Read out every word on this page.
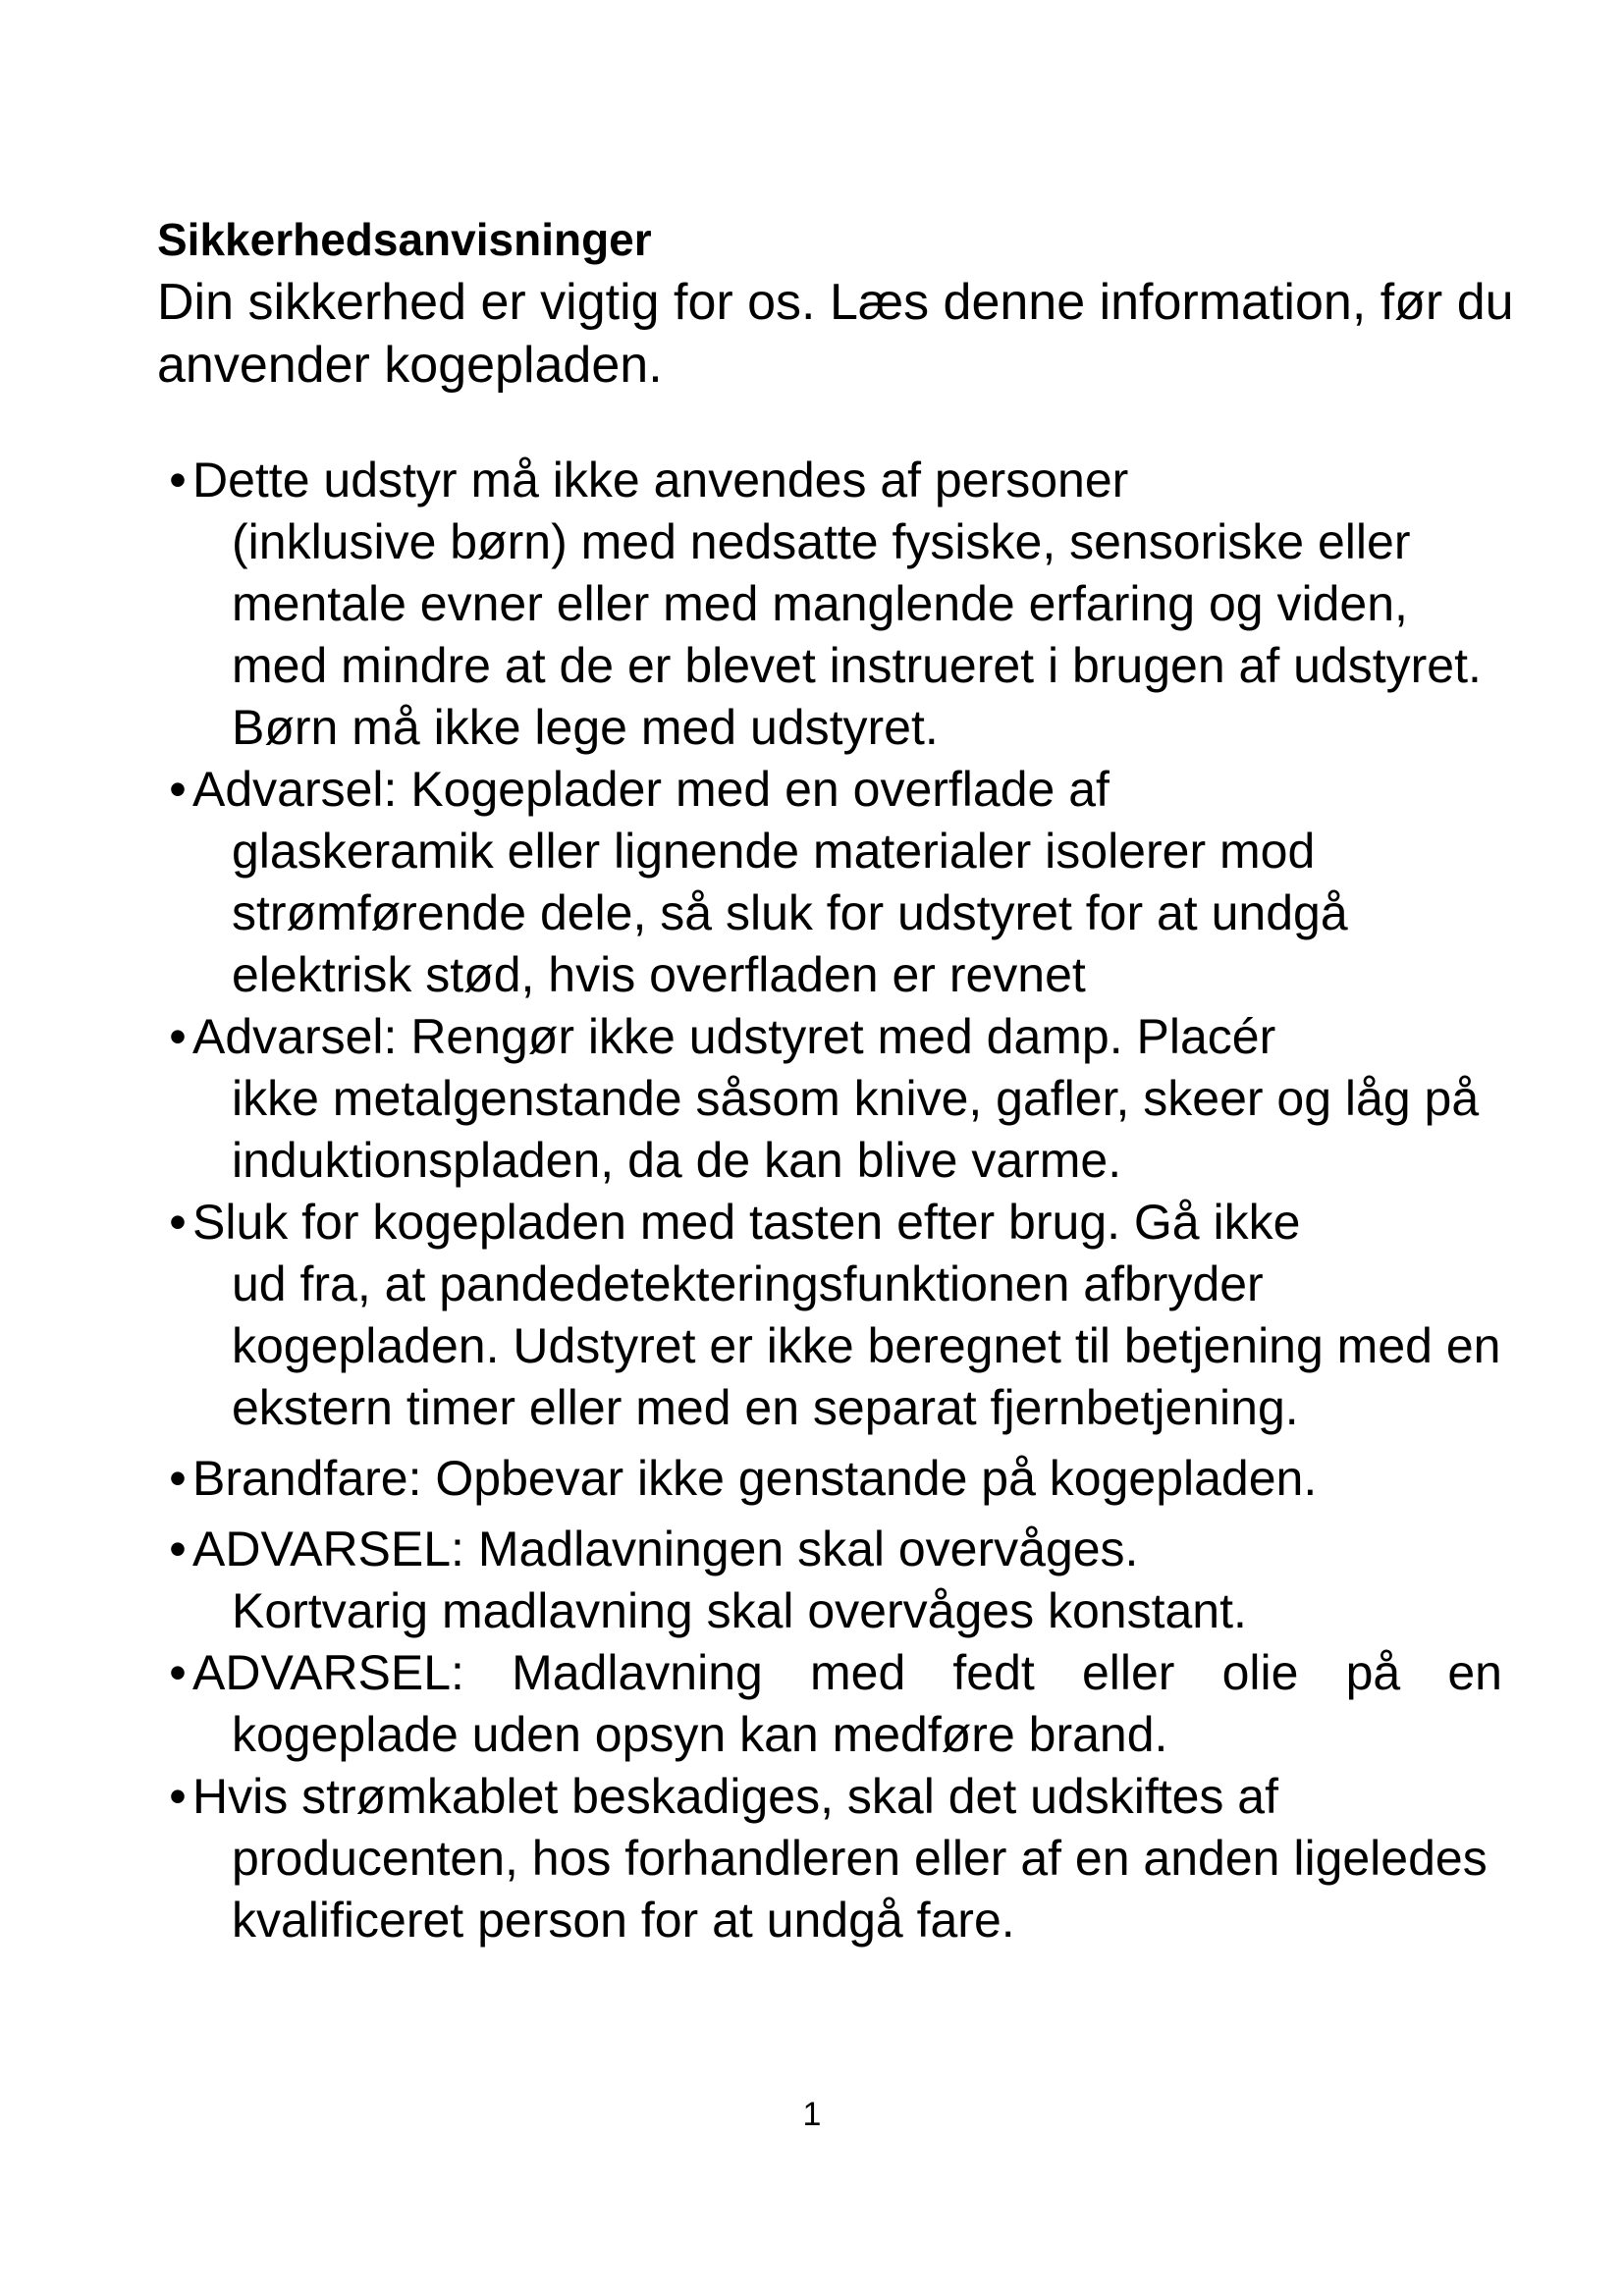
Sikkerhedsanvisninger

Din sikkerhed er vigtig for os. Læs denne information, før du anvender kogepladen.

• Dette udstyr må ikke anvendes af personer
(inklusive børn) med nedsatte fysiske, sensoriske eller mentale evner eller med manglende erfaring og viden, med mindre at de er blevet instrueret i brugen af udstyret. Børn må ikke lege med udstyret.
• Advarsel: Kogeplader med en overflade af
glaskeramik eller lignende materialer isolerer mod strømførende dele, så sluk for udstyret for at undgå elektrisk stød, hvis overfladen er revnet
• Advarsel: Rengør ikke udstyret med damp. Placér
ikke metalgenstande såsom knive, gafler, skeer og låg på induktionspladen, da de kan blive varme.
• Sluk for kogepladen med tasten efter brug. Gå ikke
ud fra, at pandedetekteringsfunktionen afbryder kogepladen. Udstyret er ikke beregnet til betjening med en ekstern timer eller med en separat fjernbetjening.
• Brandfare: Opbevar ikke genstande på kogepladen.
• ADVARSEL: Madlavningen skal overvåges.
Kortvarig madlavning skal overvåges konstant.
• ADVARSEL: Madlavning med fedt eller olie på en
kogeplade uden opsyn kan medføre brand.
• Hvis strømkablet beskadiges, skal det udskiftes af
producenten, hos forhandleren eller af en anden ligeledes kvalificeret person for at undgå fare.
1
